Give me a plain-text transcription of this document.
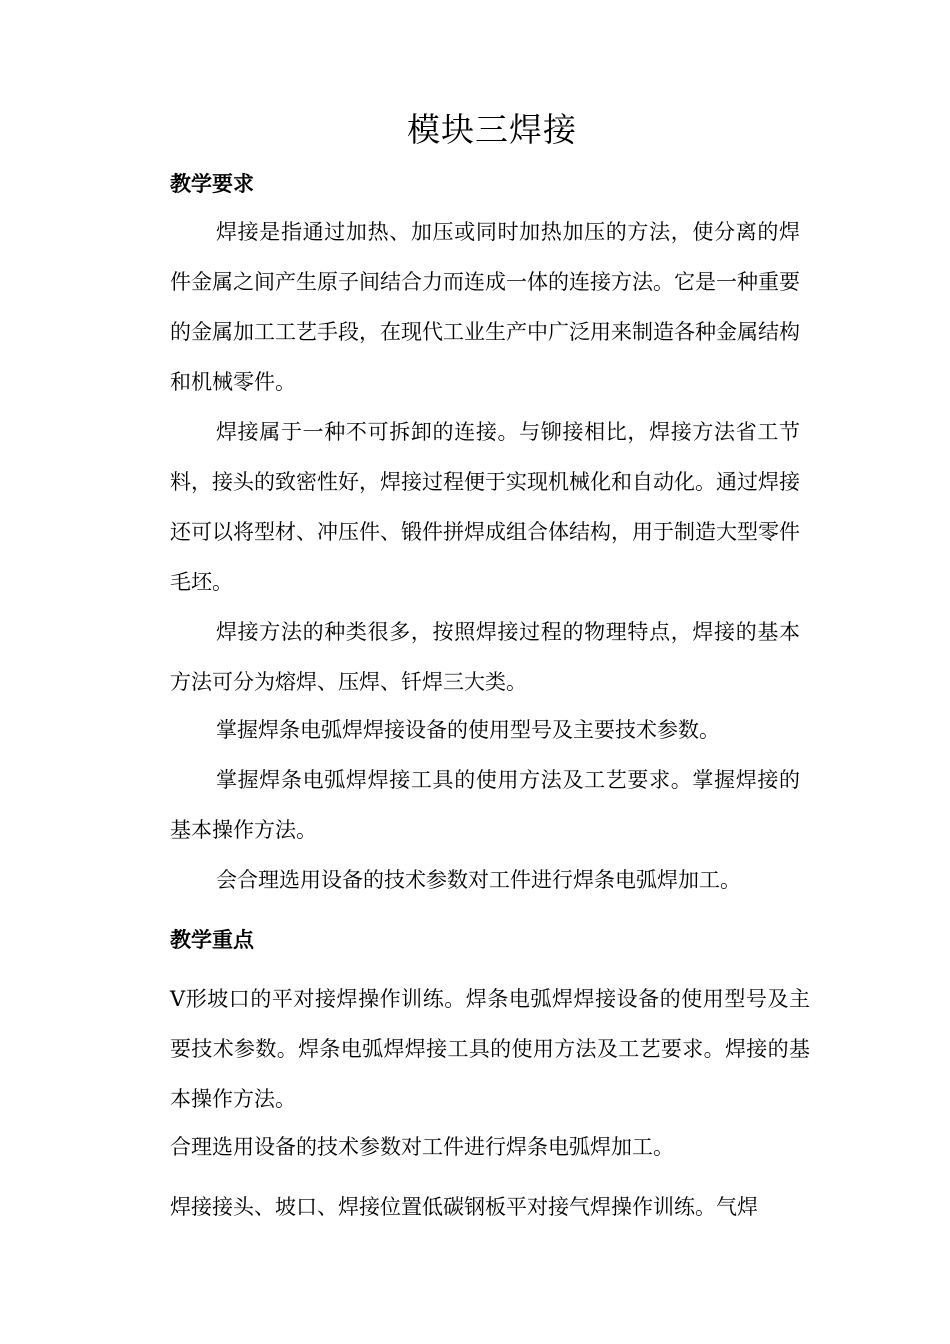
模块三焊接
教学要求

焊接是指通过加热、加压或同时加热加压的方法，使分离的焊件金属之间产生原子间结合力而连成一体的连接方法。它是一种重要的金属加工工艺手段，在现代工业生产中广泛用来制造各种金属结构和机械零件。

焊接属于一种不可拆卸的连接。与铆接相比，焊接方法省工节料，接头的致密性好，焊接过程便于实现机械化和自动化。通过焊接还可以将型材、冲压件、锻件拼焊成组合体结构，用于制造大型零件毛坯。

焊接方法的种类很多，按照焊接过程的物理特点，焊接的基本方法可分为熔焊、压焊、钎焊三大类。

掌握焊条电弧焊焊接设备的使用型号及主要技术参数。

掌握焊条电弧焊焊接工具的使用方法及工艺要求。掌握焊接的基本操作方法。

会合理选用设备的技术参数对工件进行焊条电弧焊加工。

教学重点

V形坡口的平对接焊操作训练。焊条电弧焊焊接设备的使用型号及主要技术参数。焊条电弧焊焊接工具的使用方法及工艺要求。焊接的基本操作方法。

合理选用设备的技术参数对工件进行焊条电弧焊加工。

焊接接头、坡口、焊接位置低碳钢板平对接气焊操作训练。气焊
